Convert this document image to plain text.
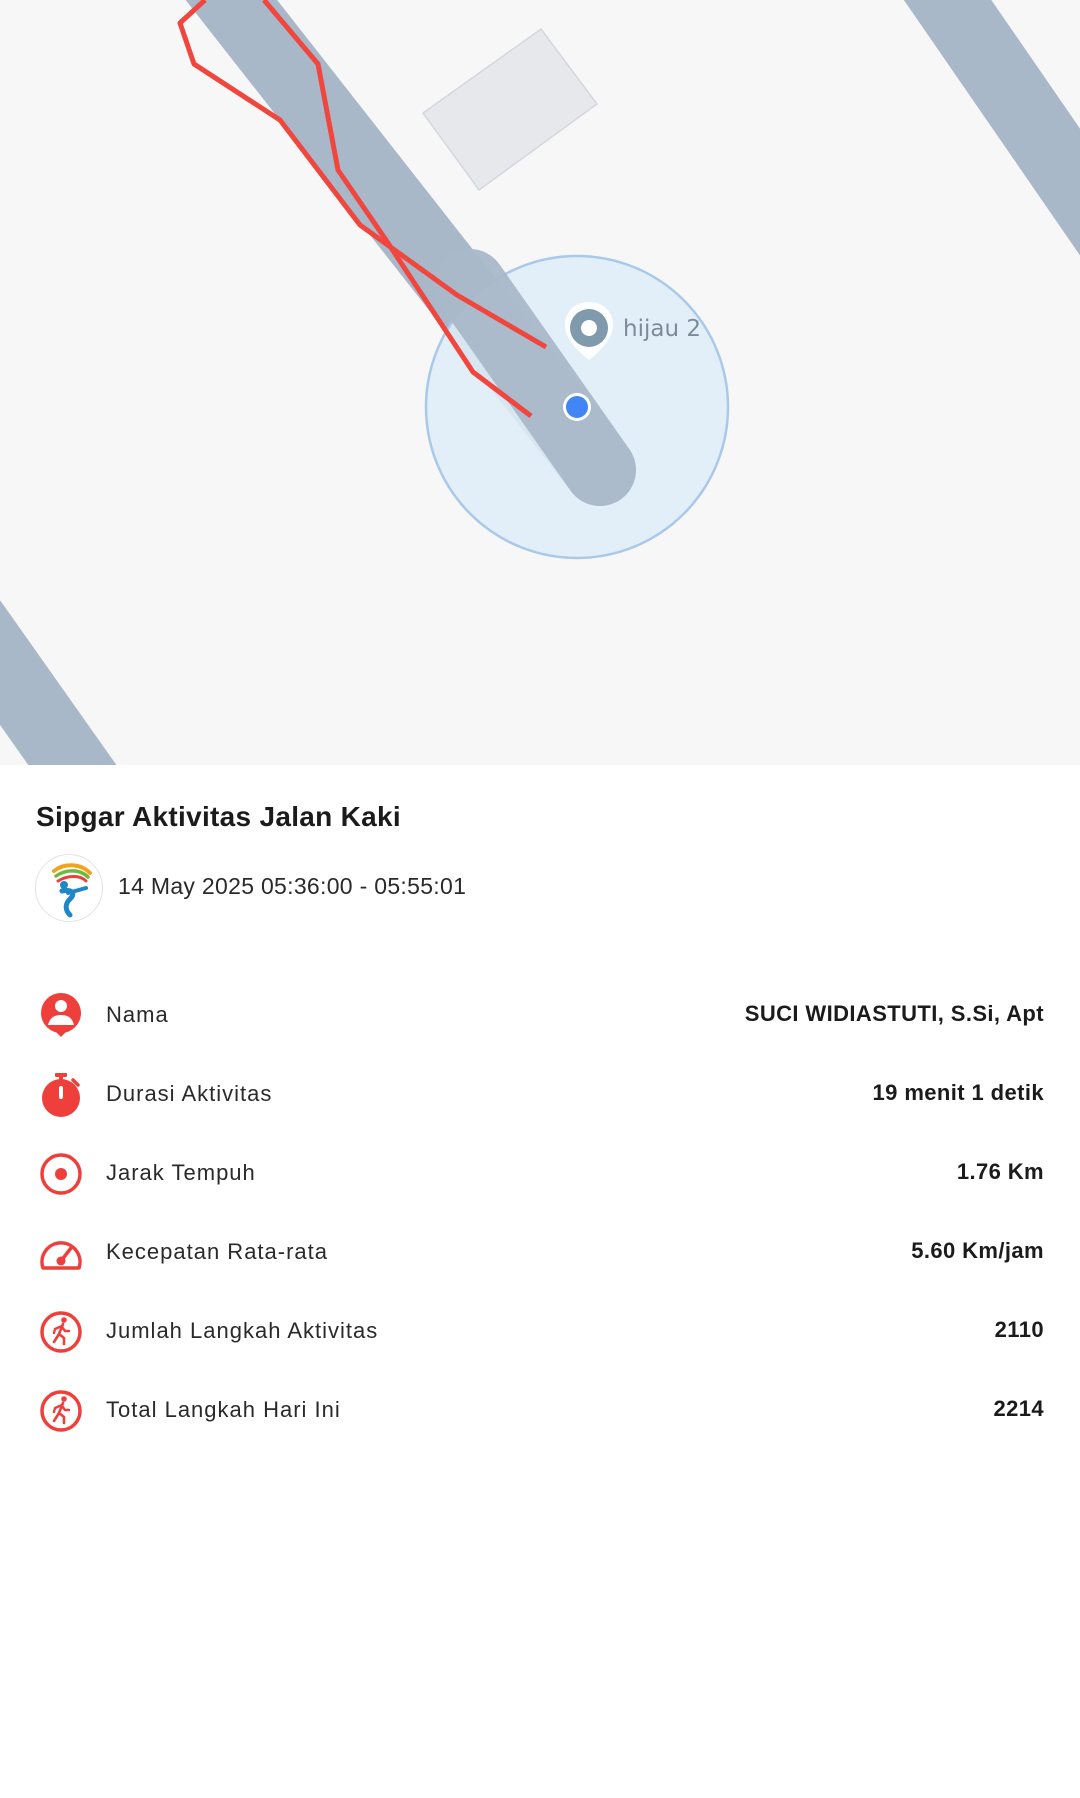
hijau 2
Sipgar Aktivitas Jalan Kaki
14 May 2025 05:36:00 - 05:55:01
Nama	SUCI WIDIASTUTI, S.Si, Apt
Durasi Aktivitas	19 menit 1 detik
Jarak Tempuh	1.76 Km
Kecepatan Rata-rata	5.60 Km/jam
Jumlah Langkah Aktivitas	2110
Total Langkah Hari Ini	2214
